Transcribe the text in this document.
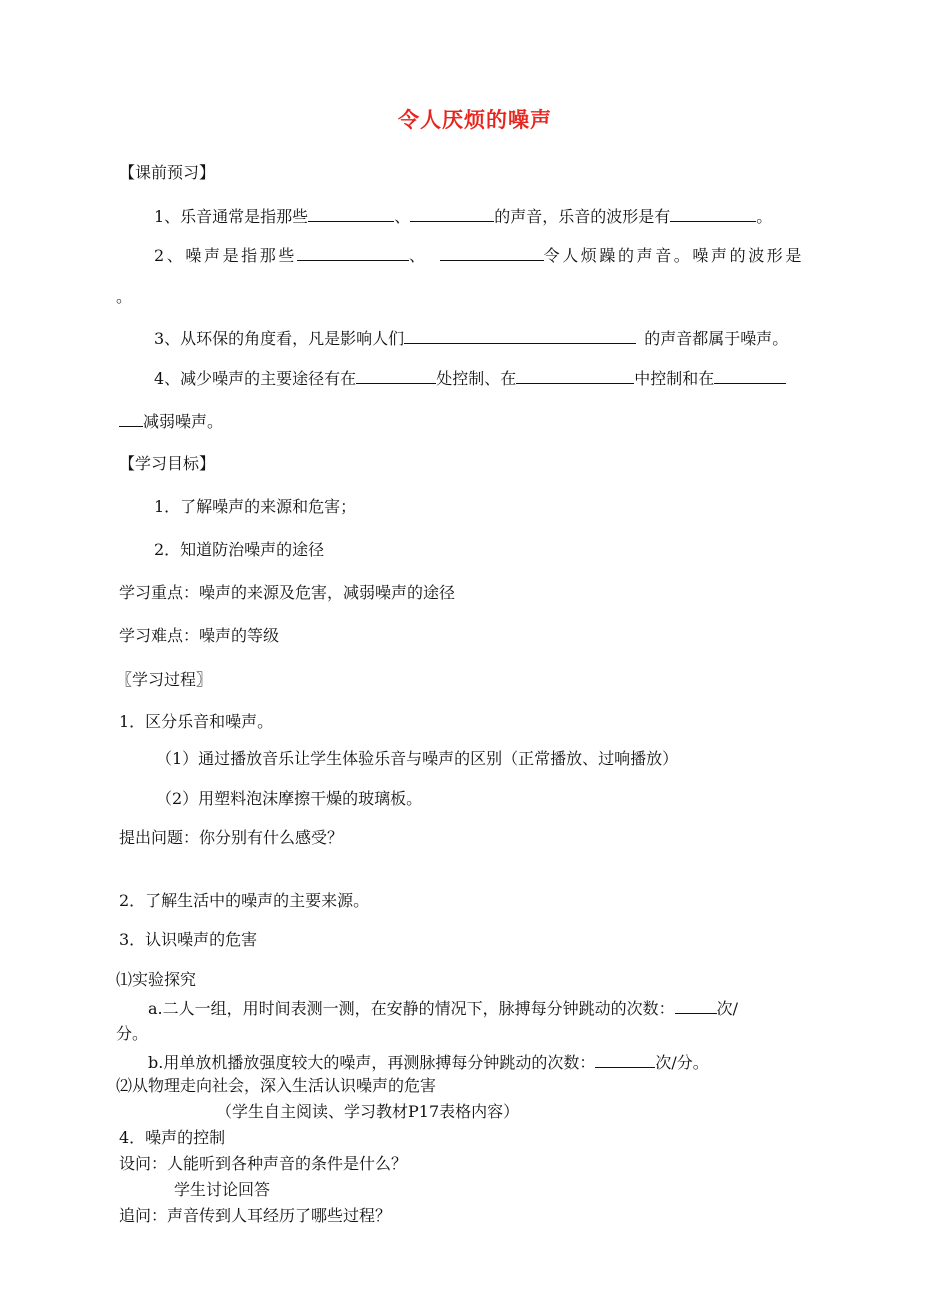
令人厌烦的噪声
【课前预习】
1、乐音通常是指那些	、	的声音，乐音的波形是有	。
2、噪声是指那些	、	令人烦躁的声音。噪声的波形是
。
3、从环保的角度看，凡是影响人们	的声音都属于噪声。
4、减少噪声的主要途径有在	处控制、在	中控制和在
减弱噪声。
【学习目标】
1．了解噪声的来源和危害；
2．知道防治噪声的途径
学习重点：噪声的来源及危害，减弱噪声的途径
学习难点：噪声的等级
〖学习过程〗
1．区分乐音和噪声。
（1）通过播放音乐让学生体验乐音与噪声的区别（正常播放、过响播放）
（2）用塑料泡沫摩擦干燥的玻璃板。
提出问题：你分别有什么感受？
2．了解生活中的噪声的主要来源。
3．认识噪声的危害
⑴实验探究
a.二人一组，用时间表测一测，在安静的情况下，脉搏每分钟跳动的次数：	次/
分。
b.用单放机播放强度较大的噪声，再测脉搏每分钟跳动的次数：	次/分。
⑵从物理走向社会，深入生活认识噪声的危害
（学生自主阅读、学习教材P17表格内容）
4．噪声的控制
设问：人能听到各种声音的条件是什么？
学生讨论回答
追问：声音传到人耳经历了哪些过程？
